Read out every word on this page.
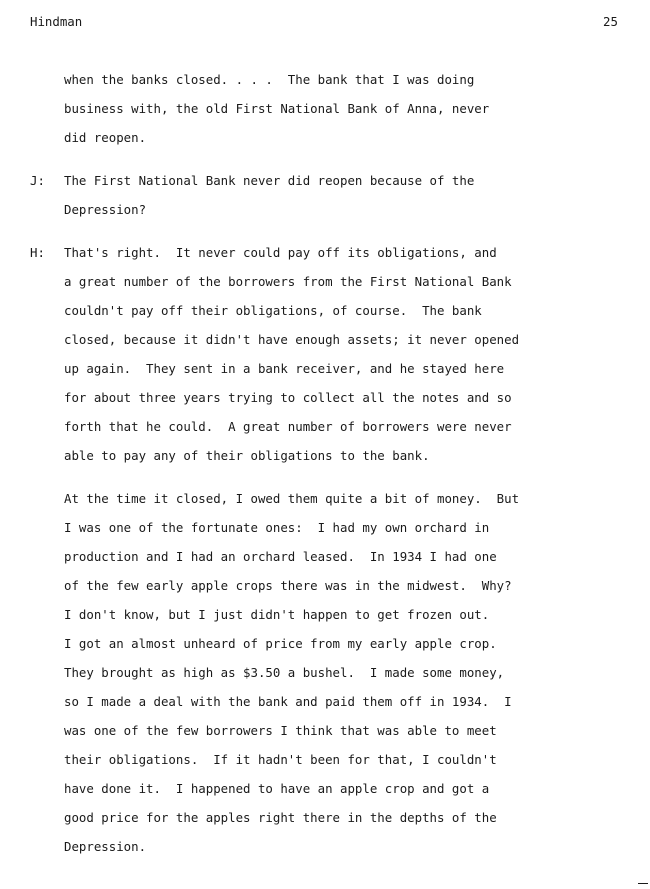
Hindman	25
when the banks closed. . . .  The bank that I was doing
business with, the old First National Bank of Anna, never
did reopen.
J: The First National Bank never did reopen because of the
Depression?
H: That's right.  It never could pay off its obligations, and
a great number of the borrowers from the First National Bank
couldn't pay off their obligations, of course.  The bank
closed, because it didn't have enough assets; it never opened
up again.  They sent in a bank receiver, and he stayed here
for about three years trying to collect all the notes and so
forth that he could.  A great number of borrowers were never
able to pay any of their obligations to the bank.
At the time it closed, I owed them quite a bit of money.  But
I was one of the fortunate ones:  I had my own orchard in
production and I had an orchard leased.  In 1934 I had one
of the few early apple crops there was in the midwest.  Why?
I don't know, but I just didn't happen to get frozen out.
I got an almost unheard of price from my early apple crop.
They brought as high as $3.50 a bushel.  I made some money,
so I made a deal with the bank and paid them off in 1934.  I
was one of the few borrowers I think that was able to meet
their obligations.  If it hadn't been for that, I couldn't
have done it.  I happened to have an apple crop and got a
good price for the apples right there in the depths of the
Depression.
